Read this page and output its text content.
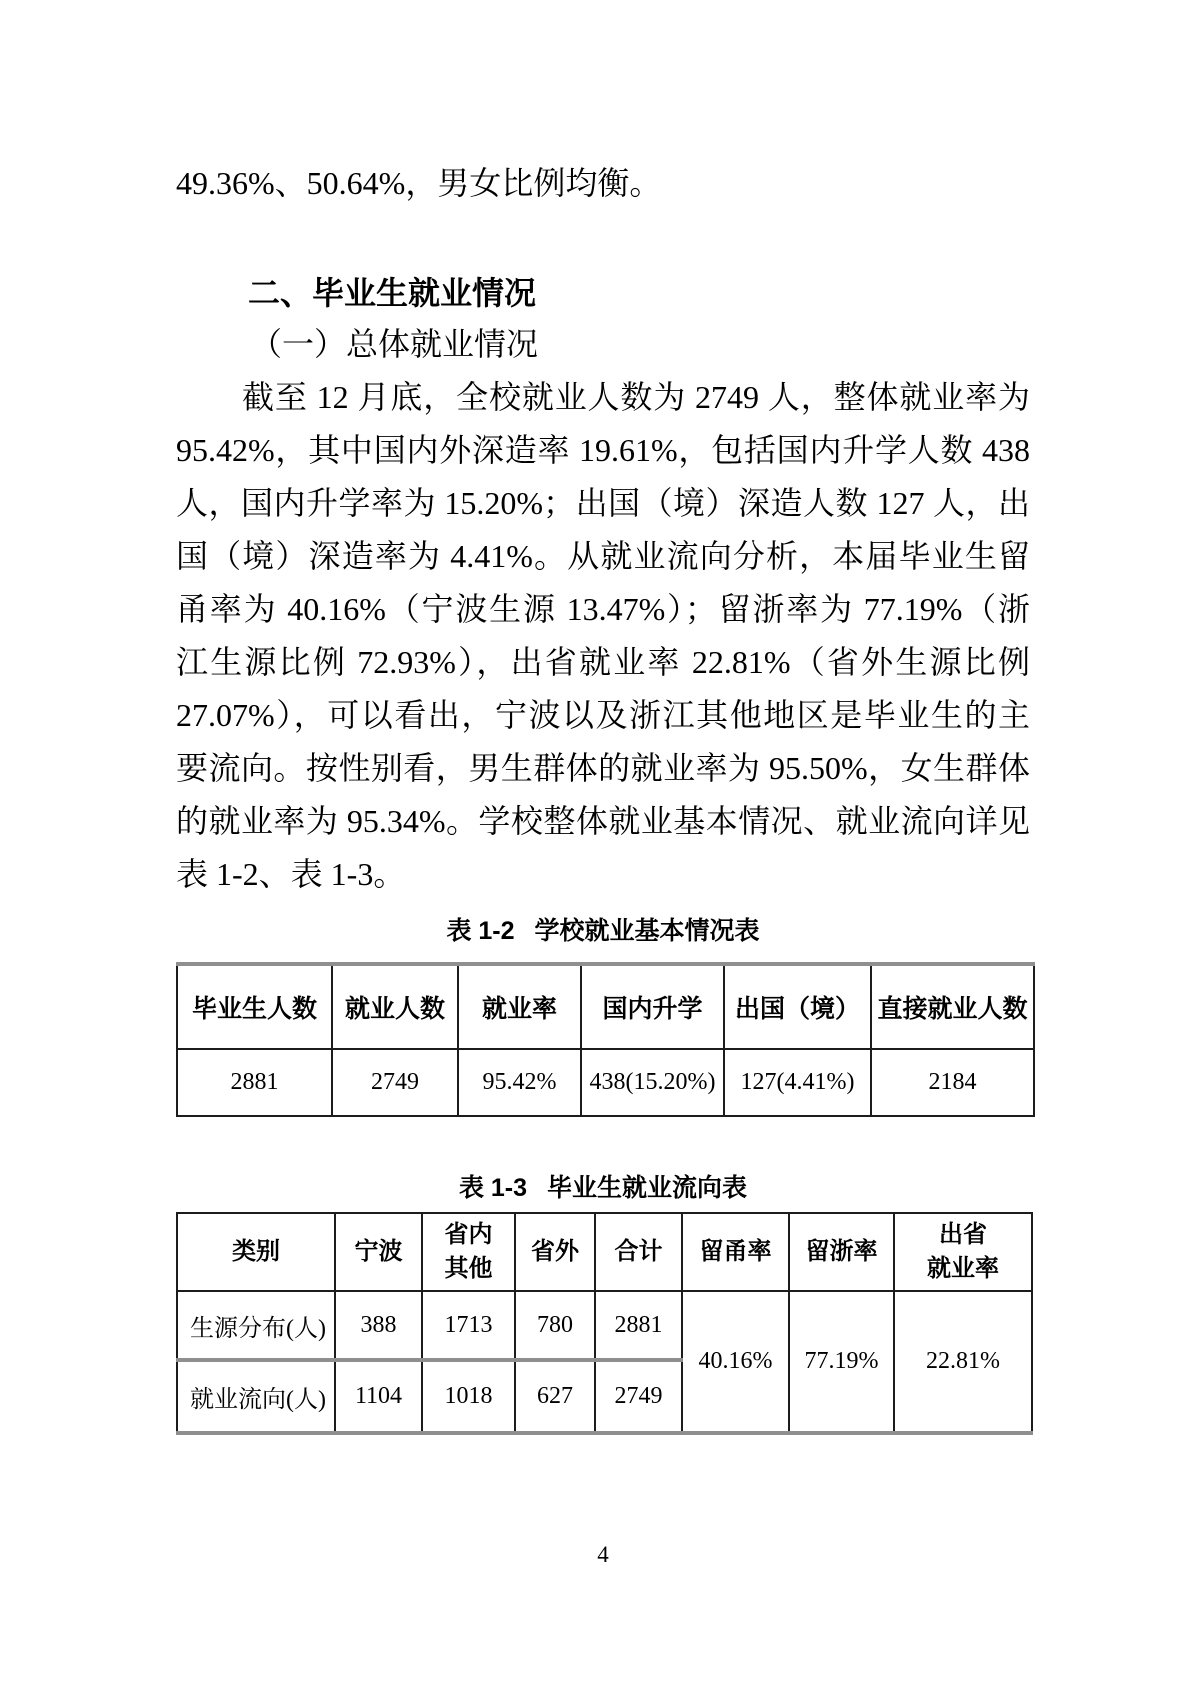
49.36%、50.64%，男女比例均衡。
二、毕业生就业情况
（一）总体就业情况

截至 12 月底，全校就业人数为 2749 人，整体就业率为

95.42%，其中国内外深造率 19.61%，包括国内升学人数 438

人，国内升学率为 15.20%；出国（境）深造人数 127 人，出

国（境）深造率为 4.41%。从就业流向分析，本届毕业生留

甬率为 40.16%（宁波生源 13.47%）；留浙率为 77.19%（浙

江生源比例 72.93%），出省就业率 22.81%（省外生源比例

27.07%），可以看出，宁波以及浙江其他地区是毕业生的主

要流向。按性别看，男生群体的就业率为 95.50%，女生群体

的就业率为 95.34%。学校整体就业基本情况、就业流向详见

表 1-2、表 1-3。

表 1-2 学校就业基本情况表
毕业生人数	就业人数	就业率	国内升学	出国（境）	直接就业人数
2881	2749	95.42%	438(15.20%)	127(4.41%)	2184
表 1-3 毕业生就业流向表
类别	宁波	省内
其他	省外	合计	留甬率	留浙率	出省
就业率
生源分布(人)	388	1713	780	2881	40.16%	77.19%	22.81%
就业流向(人)	1104	1018	627	2749			
4
